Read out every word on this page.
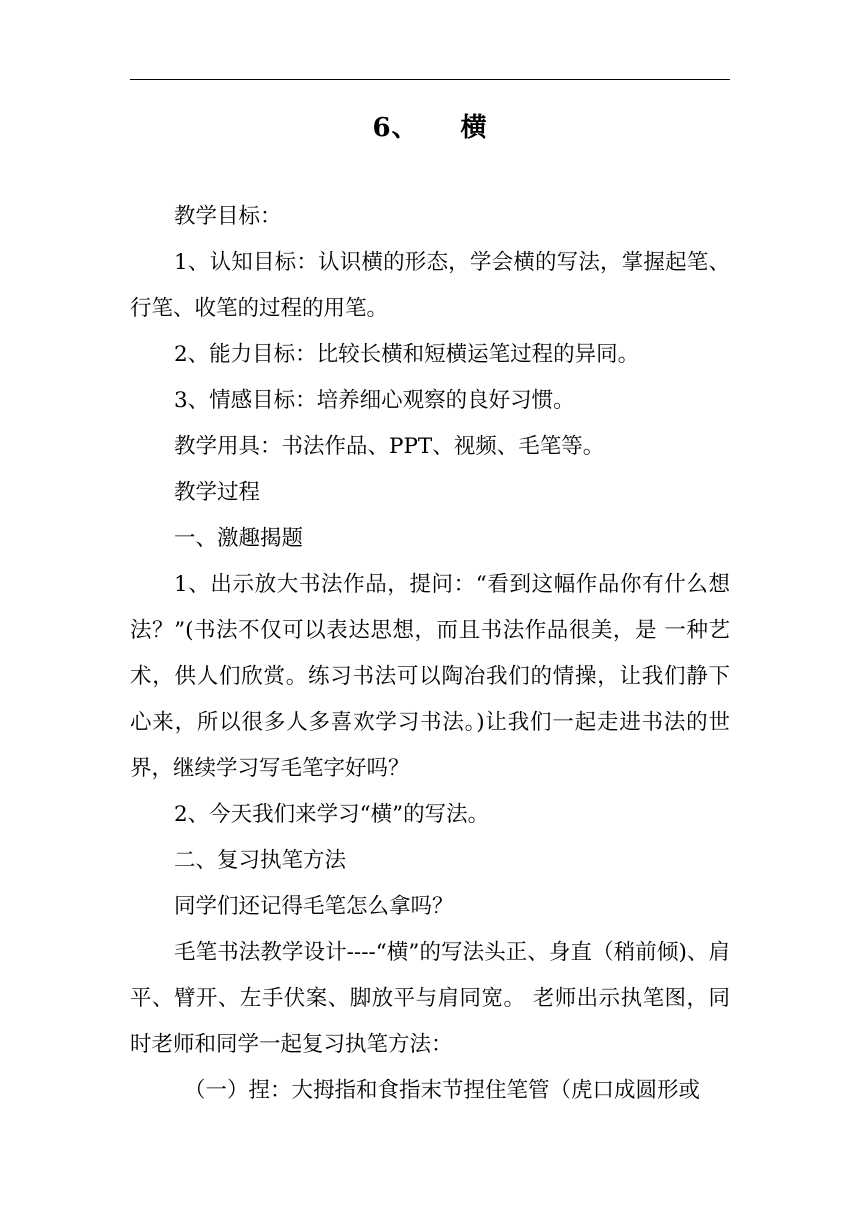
6、 横

教学目标：

1、认知目标：认识横的形态，学会横的写法，掌握起笔、行笔、收笔的过程的用笔。

2、能力目标：比较长横和短横运笔过程的异同。

3、情感目标：培养细心观察的良好习惯。

教学用具：书法作品、PPT、视频、毛笔等。

教学过程

一、激趣揭题

1、出示放大书法作品，提问：“看到这幅作品你有什么想法？”(书法不仅可以表达思想，而且书法作品很美，是 一种艺术，供人们欣赏。练习书法可以陶冶我们的情操，让我们静下心来，所以很多人多喜欢学习书法。)让我们一起走进书法的世界，继续学习写毛笔字好吗？

2、今天我们来学习“横”的写法。

二、复习执笔方法

同学们还记得毛笔怎么拿吗？

毛笔书法教学设计----“横”的写法头正、身直（稍前倾)、肩平、臂开、左手伏案、脚放平与肩同宽。 老师出示执笔图，同时老师和同学一起复习执笔方法：

（一）捏：大拇指和食指末节捏住笔管（虎口成圆形或
